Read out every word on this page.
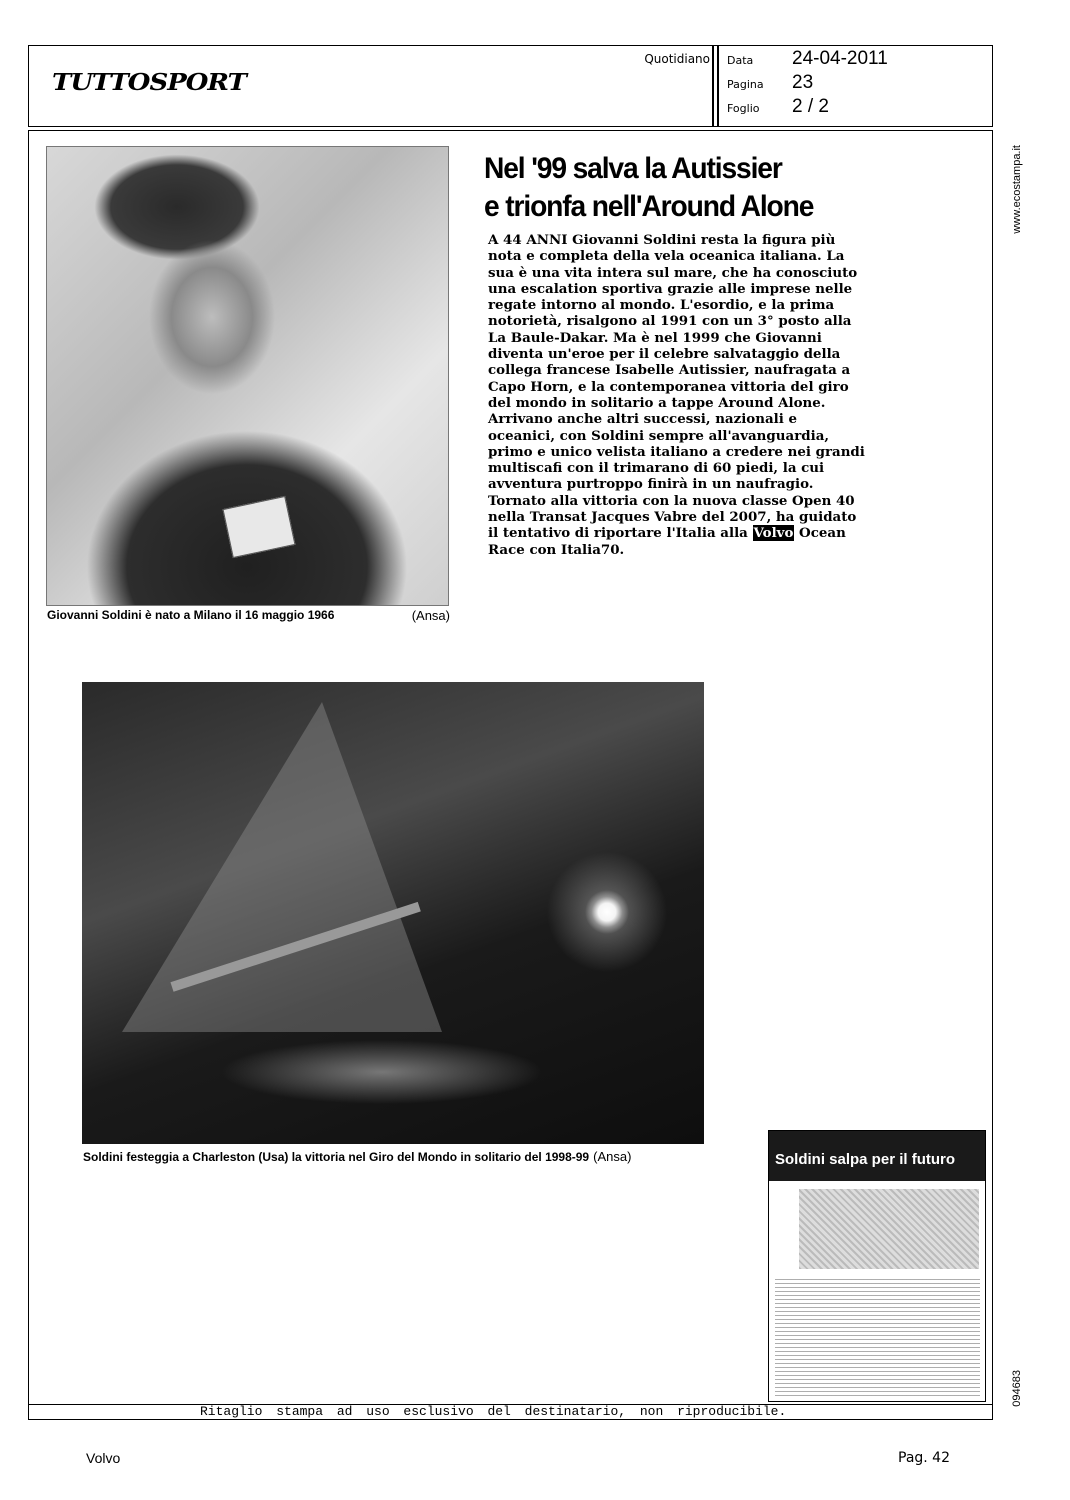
TUTTOSPORT
Quotidiano Data 24-04-2011
Pagina 23
Foglio 2 / 2
www.ecostampa.it
094683
Giovanni Soldini è nato a Milano il 16 maggio 1966	(Ansa)
Nel '99 salva la Autissier
e trionfa nell'Around Alone
A 44 ANNI Giovanni Soldini resta la figura più nota e completa della vela oceanica italiana. La sua è una vita intera sul mare, che ha conosciuto una escalation sportiva grazie alle imprese nelle regate intorno al mondo. L'esordio, e la prima notorietà, risalgono al 1991 con un 3° posto alla La Baule-Dakar. Ma è nel 1999 che Giovanni diventa un'eroe per il celebre salvataggio della collega francese Isabelle Autissier, naufragata a Capo Horn, e la contemporanea vittoria del giro del mondo in solitario a tappe Around Alone. Arrivano anche altri successi, nazionali e oceanici, con Soldini sempre all'avanguardia, primo e unico velista italiano a credere nei grandi multiscafi con il trimarano di 60 piedi, la cui avventura purtroppo finirà in un naufragio. Tornato alla vittoria con la nuova classe Open 40 nella Transat Jacques Vabre del 2007, ha guidato il tentativo di riportare l'Italia alla Volvo Ocean Race con Italia70.
Soldini festeggia a Charleston (Usa) la vittoria nel Giro del Mondo in solitario del 1998-99 (Ansa)	Soldini salpa per il futuro
Ritaglio stampa ad uso esclusivo del destinatario, non riproducibile.
Volvo	Pag. 42
